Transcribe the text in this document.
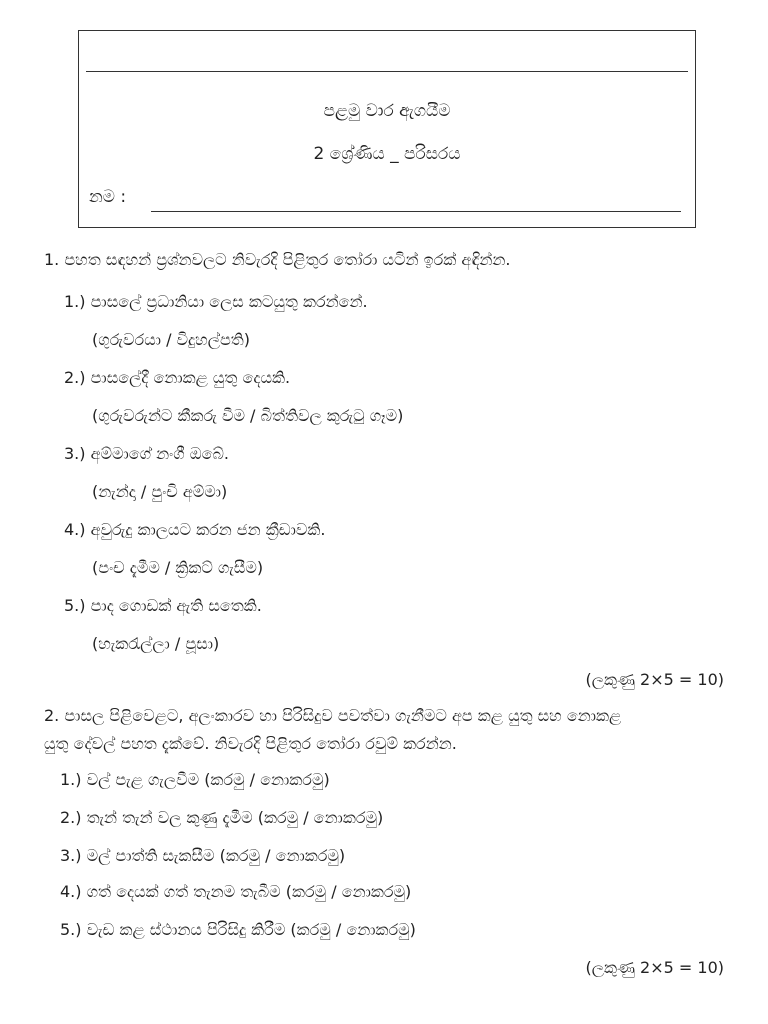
පළමු වාර ඇගයීම
2 ශ්‍රේණිය _ පරිසරය
නම :
1. පහත සඳහන් ප්‍රශ්නවලට නිවැරදි පිළිතුර තෝරා යටින් ඉරක් අඳින්න.
1.) පාසලේ ප්‍රධානියා ලෙස කටයුතු කරන්නේ.
(ගුරුවරයා / විදුහල්පති)
2.) පාසලේදී නොකළ යුතු දෙයකි.
(ගුරුවරුන්ට කීකරු වීම / බිත්තිවල කුරුටු ගෑම)
3.) අම්මාගේ නංගී ඔබේ.
(නැන්දා / පුංචි අම්මා)
4.) අවුරුදු කාලයට කරන ජන ක්‍රීඩාවකි.
(පංච දැමීම / ක්‍රිකට් ගැසීම)
5.) පාද ගොඩක් ඇති සතෙකි.
(හැකරැල්ලා / පූසා)
(ලකුණු 2×5 = 10)
2. පාසල පිළිවෙළට, අලංකාරව හා පිරිසිදුව පවත්වා ගැනීමට අප කළ යුතු සහ නොකළ
යුතු දේවල් පහත දැක්වේ. නිවැරදි පිළිතුර තෝරා රවුම් කරන්න.
1.) වල් පැළ ගැලවීම (කරමු / නොකරමු)
2.) තැන් තැන් වල කුණු දැමීම (කරමු / නොකරමු)
3.) මල් පාත්ති සැකසීම (කරමු / නොකරමු)
4.) ගත් දෙයක් ගත් තැනම තැබීම (කරමු / නොකරමු)
5.) වැඩ කළ ස්ථානය පිරිසිදු කිරීම (කරමු / නොකරමු)
(ලකුණු 2×5 = 10)
